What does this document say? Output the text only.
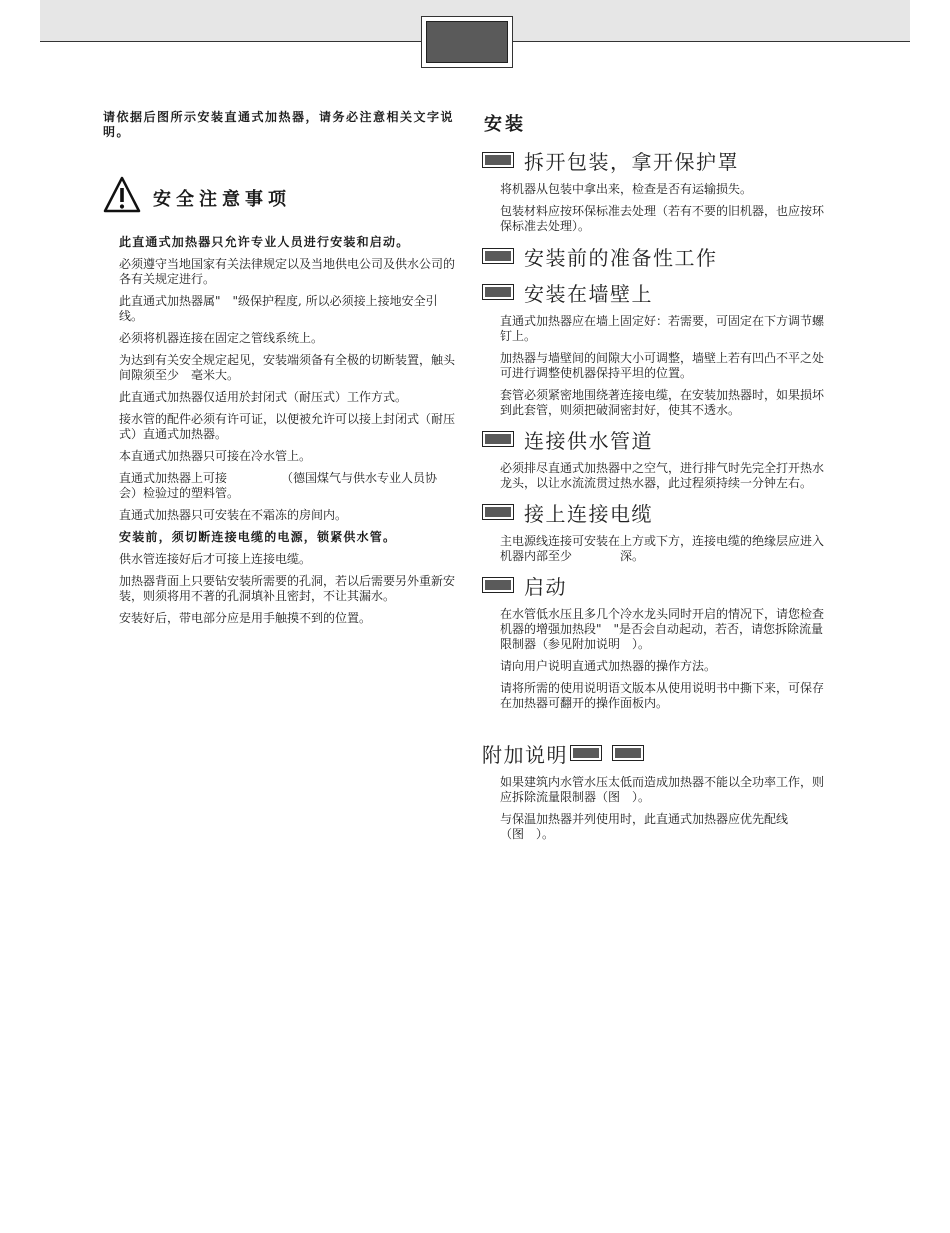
请依据后图所示安装直通式加热器，请务必注意相关文字说明。

安全注意事项

此直通式加热器只允许专业人员进行安装和启动。

必须遵守当地国家有关法律规定以及当地供电公司及供水公司的各有关规定进行。

此直通式加热器属"　"级保护程度, 所以必须接上接地安全引线。

必须将机器连接在固定之管线系统上。

为达到有关安全规定起见，安装端须备有全极的切断装置，触头间隙须至少　毫米大。

此直通式加热器仅适用於封闭式（耐压式）工作方式。

接水管的配件必须有许可证，以便被允许可以接上封闭式（耐压式）直通式加热器。

本直通式加热器只可接在冷水管上。

直通式加热器上可接　　　　　（德国煤气与供水专业人员协会）检验过的塑料管。

直通式加热器只可安装在不霜冻的房间内。

安装前，须切断连接电缆的电源，锁紧供水管。

供水管连接好后才可接上连接电缆。

加热器背面上只要钻安装所需要的孔洞，若以后需要另外重新安装，则须将用不著的孔洞填补且密封，不让其漏水。

安装好后，带电部分应是用手触摸不到的位置。

安装
拆开包装，拿开保护罩

将机器从包装中拿出来，检查是否有运输损失。

包装材料应按环保标准去处理（若有不要的旧机器，也应按环保标准去处理）。

安装前的准备性工作
安装在墙壁上

直通式加热器应在墙上固定好：若需要，可固定在下方调节螺钉上。

加热器与墙壁间的间隙大小可调整，墙壁上若有凹凸不平之处可进行调整使机器保持平坦的位置。

套管必须紧密地围绕著连接电缆，在安装加热器时，如果损坏到此套管，则须把破洞密封好，使其不透水。

连接供水管道

必须排尽直通式加热器中之空气，进行排气时先完全打开热水龙头，以让水流流贯过热水器，此过程须持续一分钟左右。

接上连接电缆

主电源线连接可安装在上方或下方，连接电缆的绝缘层应进入机器内部至少　　　　深。

启动

在水管低水压且多几个冷水龙头同时开启的情况下，请您检查机器的增强加热段"　"是否会自动起动，若否，请您拆除流量限制器（参见附加说明　）。

请向用户说明直通式加热器的操作方法。

请将所需的使用说明语文版本从使用说明书中撕下来，可保存在加热器可翻开的操作面板内。

附加说明

如果建筑内水管水压太低而造成加热器不能以全功率工作，则应拆除流量限制器（图　）。

与保温加热器并列使用时，此直通式加热器应优先配线（图　）。
